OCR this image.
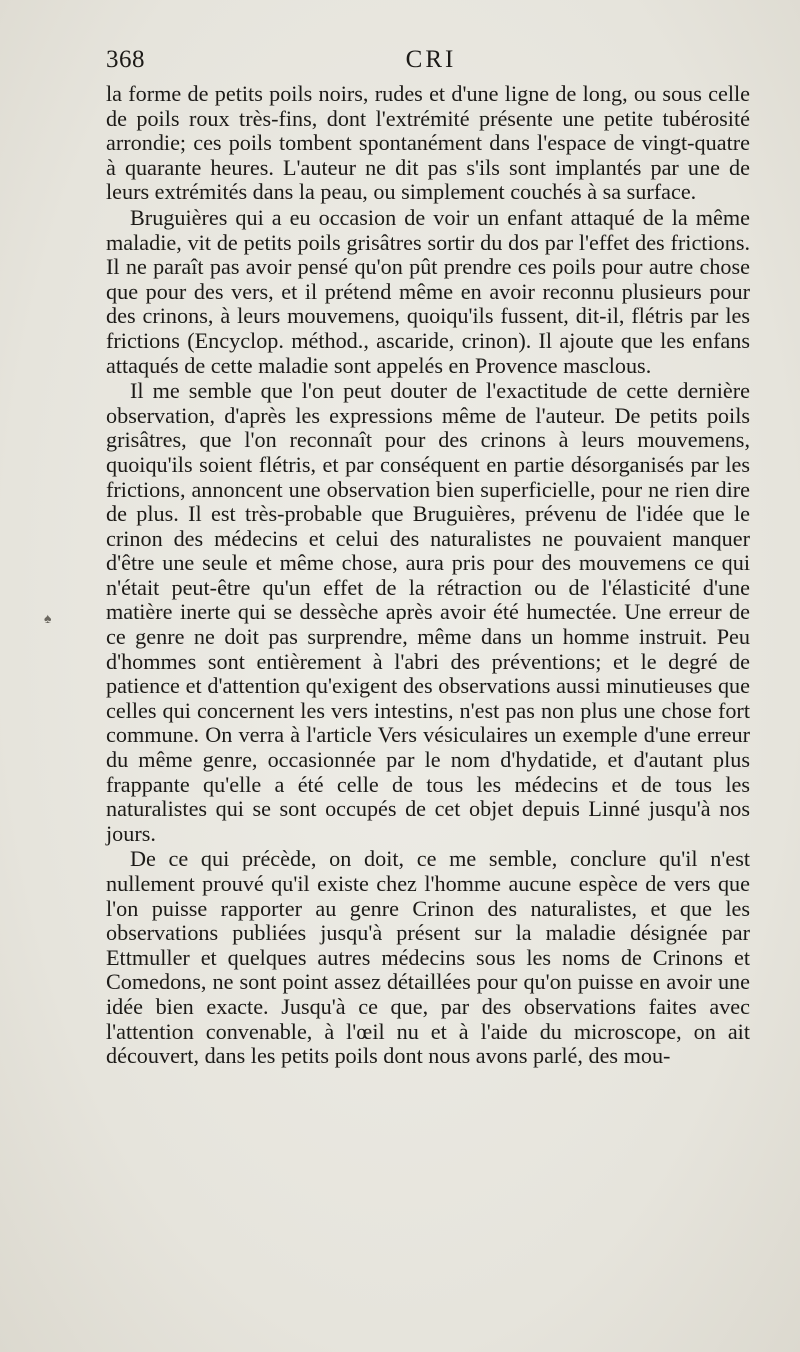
368	CRI

la forme de petits poils noirs, rudes et d'une ligne de long, ou sous celle de poils roux très-fins, dont l'extrémité présente une petite tubérosité arrondie; ces poils tombent spontanément dans l'espace de vingt-quatre à quarante heures. L'auteur ne dit pas s'ils sont implantés par une de leurs extrémités dans la peau, ou simplement couchés à sa surface.

Bruguières qui a eu occasion de voir un enfant attaqué de la même maladie, vit de petits poils grisâtres sortir du dos par l'effet des frictions. Il ne paraît pas avoir pensé qu'on pût prendre ces poils pour autre chose que pour des vers, et il prétend même en avoir reconnu plusieurs pour des crinons, à leurs mouvemens, quoiqu'ils fussent, dit-il, flétris par les frictions (Encyclop. méthod., ascaride, crinon). Il ajoute que les enfans attaqués de cette maladie sont appelés en Provence masclous.

Il me semble que l'on peut douter de l'exactitude de cette dernière observation, d'après les expressions même de l'auteur. De petits poils grisâtres, que l'on reconnaît pour des crinons à leurs mouvemens, quoiqu'ils soient flétris, et par conséquent en partie désorganisés par les frictions, annoncent une observation bien superficielle, pour ne rien dire de plus. Il est très-probable que Bruguières, prévenu de l'idée que le crinon des médecins et celui des naturalistes ne pouvaient manquer d'être une seule et même chose, aura pris pour des mouvemens ce qui n'était peut-être qu'un effet de la rétraction ou de l'élasticité d'une matière inerte qui se dessèche après avoir été humectée. Une erreur de ce genre ne doit pas surprendre, même dans un homme instruit. Peu d'hommes sont entièrement à l'abri des préventions; et le degré de patience et d'attention qu'exigent des observations aussi minutieuses que celles qui concernent les vers intestins, n'est pas non plus une chose fort commune. On verra à l'article Vers vésiculaires un exemple d'une erreur du même genre, occasionnée par le nom d'hydatide, et d'autant plus frappante qu'elle a été celle de tous les médecins et de tous les naturalistes qui se sont occupés de cet objet depuis Linné jusqu'à nos jours.

De ce qui précède, on doit, ce me semble, conclure qu'il n'est nullement prouvé qu'il existe chez l'homme aucune espèce de vers que l'on puisse rapporter au genre Crinon des naturalistes, et que les observations publiées jusqu'à présent sur la maladie désignée par Ettmuller et quelques autres médecins sous les noms de Crinons et Comedons, ne sont point assez détaillées pour qu'on puisse en avoir une idée bien exacte. Jusqu'à ce que, par des observations faites avec l'attention convenable, à l'œil nu et à l'aide du microscope, on ait découvert, dans les petits poils dont nous avons parlé, des mou-

♠
